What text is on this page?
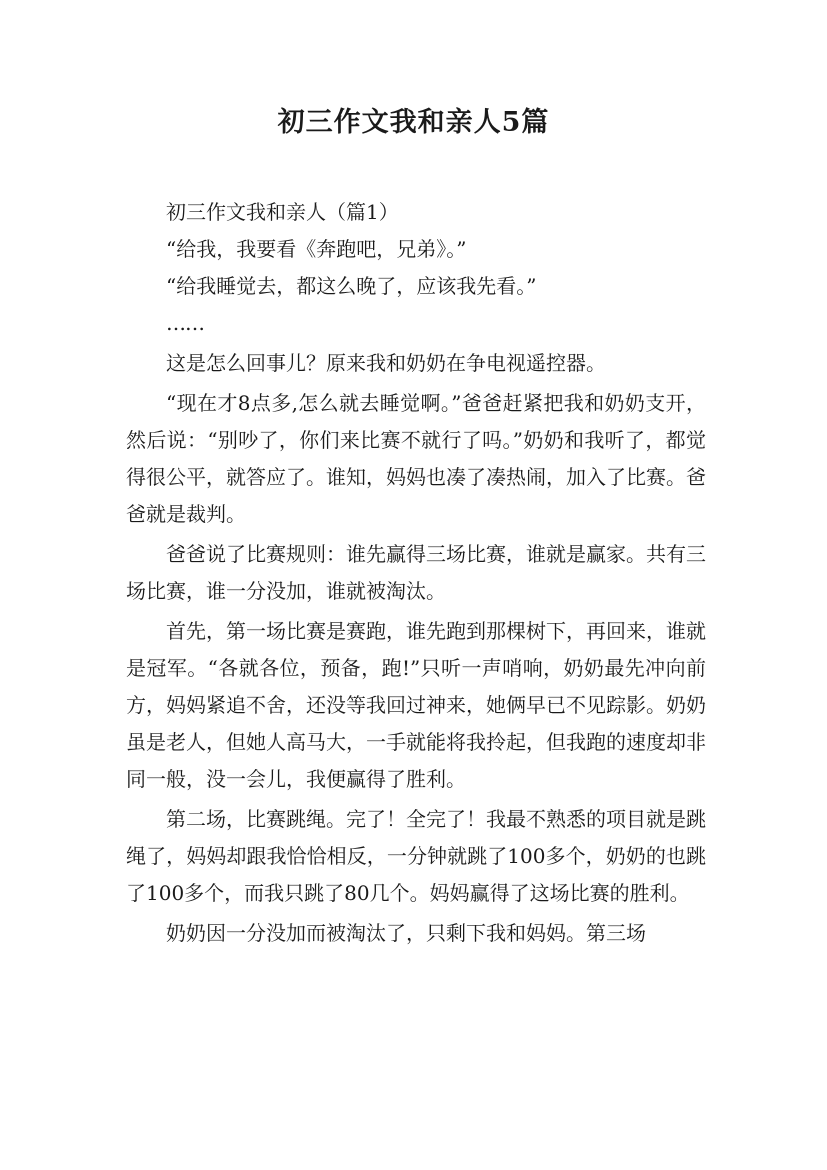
初三作文我和亲人5篇

初三作文我和亲人（篇1）

“给我，我要看《奔跑吧，兄弟》。”

“给我睡觉去，都这么晚了，应该我先看。”

……

这是怎么回事儿？原来我和奶奶在争电视遥控器。

“现在才8点多,怎么就去睡觉啊。”爸爸赶紧把我和奶奶支开，然后说：“别吵了，你们来比赛不就行了吗。”奶奶和我听了，都觉得很公平，就答应了。谁知，妈妈也凑了凑热闹，加入了比赛。爸爸就是裁判。

爸爸说了比赛规则：谁先赢得三场比赛，谁就是赢家。共有三场比赛，谁一分没加，谁就被淘汰。

首先，第一场比赛是赛跑，谁先跑到那棵树下，再回来，谁就是冠军。“各就各位，预备，跑!”只听一声哨响，奶奶最先冲向前方，妈妈紧追不舍，还没等我回过神来，她俩早已不见踪影。奶奶虽是老人，但她人高马大，一手就能将我拎起，但我跑的速度却非同一般，没一会儿，我便赢得了胜利。

第二场，比赛跳绳。完了！全完了！我最不熟悉的项目就是跳绳了，妈妈却跟我恰恰相反，一分钟就跳了100多个，奶奶的也跳了100多个，而我只跳了80几个。妈妈赢得了这场比赛的胜利。

奶奶因一分没加而被淘汰了，只剩下我和妈妈。第三场
